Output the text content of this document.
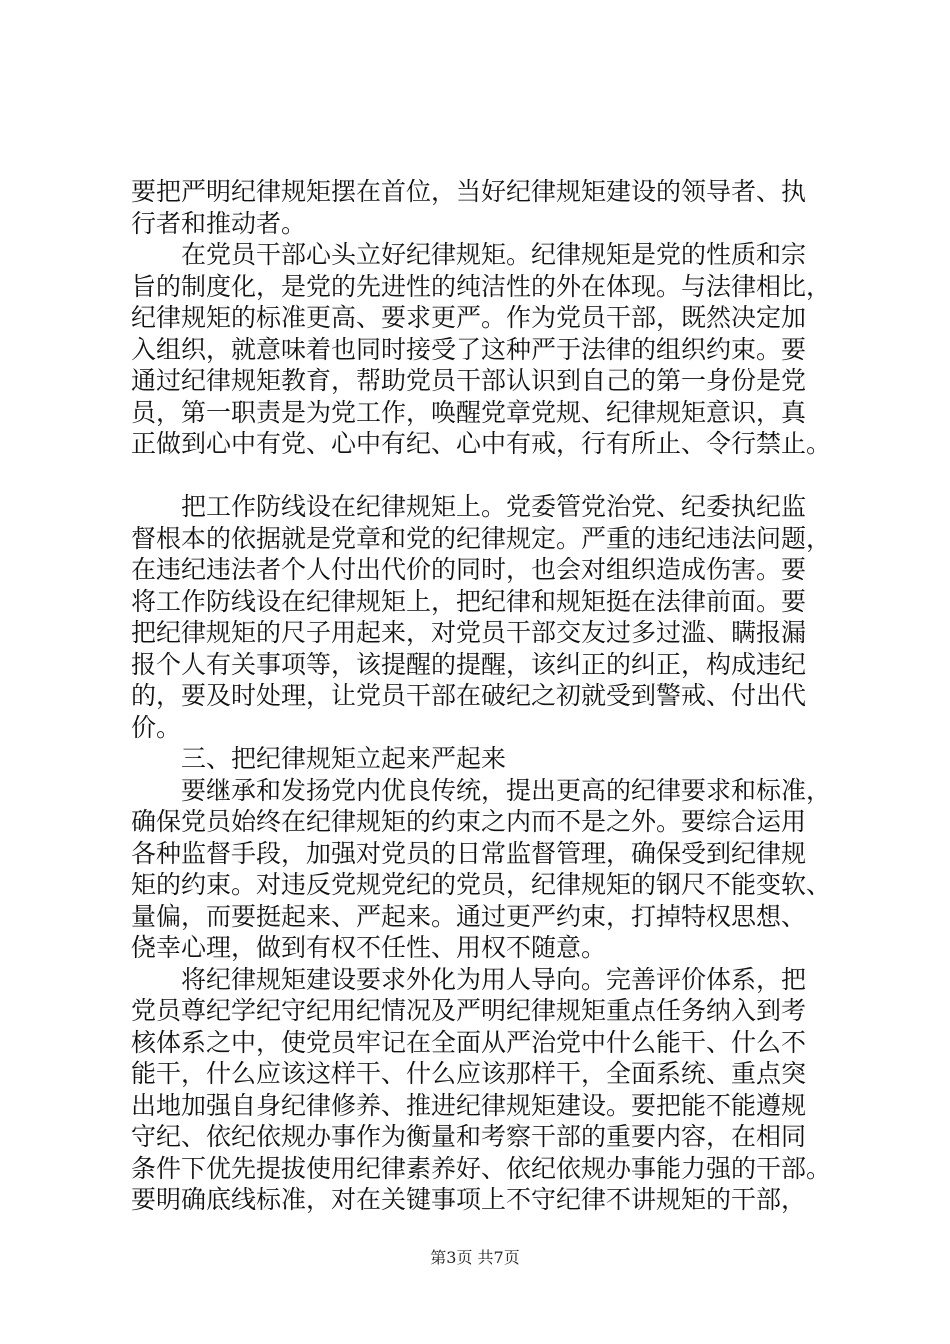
要把严明纪律规矩摆在首位，当好纪律规矩建设的领导者、执
行者和推动者。
　　在党员干部心头立好纪律规矩。纪律规矩是党的性质和宗
旨的制度化，是党的先进性的纯洁性的外在体现。与法律相比，
纪律规矩的标准更高、要求更严。作为党员干部，既然决定加
入组织，就意味着也同时接受了这种严于法律的组织约束。要
通过纪律规矩教育，帮助党员干部认识到自己的第一身份是党
员，第一职责是为党工作，唤醒党章党规、纪律规矩意识，真
正做到心中有党、心中有纪、心中有戒，行有所止、令行禁止。
　　把工作防线设在纪律规矩上。党委管党治党、纪委执纪监
督根本的依据就是党章和党的纪律规定。严重的违纪违法问题，
在违纪违法者个人付出代价的同时，也会对组织造成伤害。要
将工作防线设在纪律规矩上，把纪律和规矩挺在法律前面。要
把纪律规矩的尺子用起来，对党员干部交友过多过滥、瞒报漏
报个人有关事项等，该提醒的提醒，该纠正的纠正，构成违纪
的，要及时处理，让党员干部在破纪之初就受到警戒、付出代
价。
　　三、把纪律规矩立起来严起来
　　要继承和发扬党内优良传统，提出更高的纪律要求和标准，
确保党员始终在纪律规矩的约束之内而不是之外。要综合运用
各种监督手段，加强对党员的日常监督管理，确保受到纪律规
矩的约束。对违反党规党纪的党员，纪律规矩的钢尺不能变软、
量偏，而要挺起来、严起来。通过更严约束，打掉特权思想、
侥幸心理，做到有权不任性、用权不随意。
　　将纪律规矩建设要求外化为用人导向。完善评价体系，把
党员尊纪学纪守纪用纪情况及严明纪律规矩重点任务纳入到考
核体系之中，使党员牢记在全面从严治党中什么能干、什么不
能干，什么应该这样干、什么应该那样干，全面系统、重点突
出地加强自身纪律修养、推进纪律规矩建设。要把能不能遵规
守纪、依纪依规办事作为衡量和考察干部的重要内容，在相同
条件下优先提拔使用纪律素养好、依纪依规办事能力强的干部。
要明确底线标准，对在关键事项上不守纪律不讲规矩的干部，
第3页 共7页
